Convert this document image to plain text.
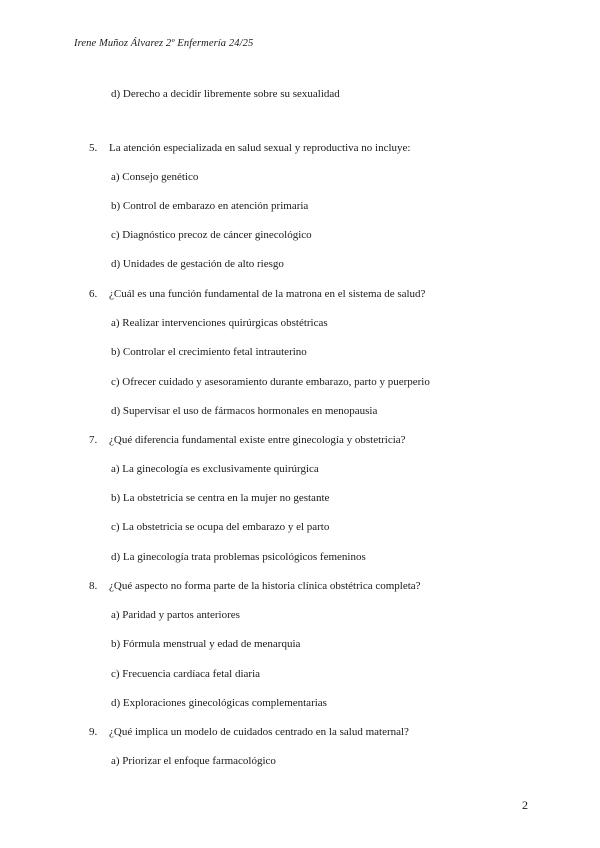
Irene Muñoz Álvarez 2º Enfermería 24/25
d) Derecho a decidir libremente sobre su sexualidad
5. La atención especializada en salud sexual y reproductiva no incluye:
a) Consejo genético
b) Control de embarazo en atención primaria
c) Diagnóstico precoz de cáncer ginecológico
d) Unidades de gestación de alto riesgo
6. ¿Cuál es una función fundamental de la matrona en el sistema de salud?
a) Realizar intervenciones quirúrgicas obstétricas
b) Controlar el crecimiento fetal intrauterino
c) Ofrecer cuidado y asesoramiento durante embarazo, parto y puerperio
d) Supervisar el uso de fármacos hormonales en menopausia
7. ¿Qué diferencia fundamental existe entre ginecología y obstetricia?
a) La ginecología es exclusivamente quirúrgica
b) La obstetricia se centra en la mujer no gestante
c) La obstetricia se ocupa del embarazo y el parto
d) La ginecología trata problemas psicológicos femeninos
8. ¿Qué aspecto no forma parte de la historia clínica obstétrica completa?
a) Paridad y partos anteriores
b) Fórmula menstrual y edad de menarquia
c) Frecuencia cardíaca fetal diaria
d) Exploraciones ginecológicas complementarias
9. ¿Qué implica un modelo de cuidados centrado en la salud maternal?
a) Priorizar el enfoque farmacológico
2
